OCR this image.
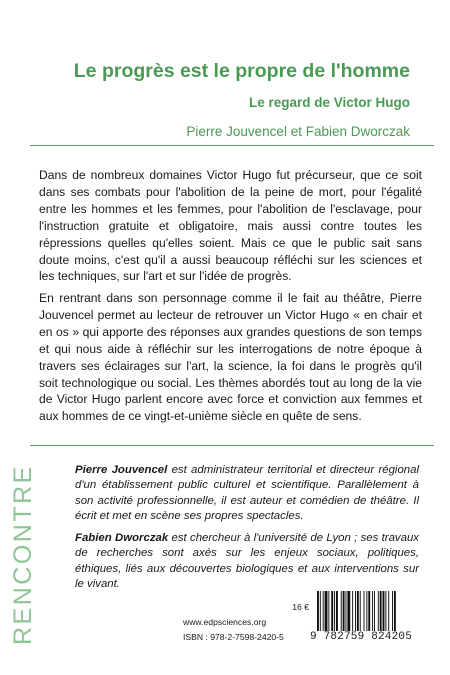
Le progrès est le propre de l'homme
Le regard de Victor Hugo
Pierre Jouvencel et Fabien Dworczak

Dans de nombreux domaines Victor Hugo fut précurseur, que ce soit dans ses combats pour l'abolition de la peine de mort, pour l'égalité entre les hommes et les femmes, pour l'abolition de l'esclavage, pour l'instruction gratuite et obligatoire, mais aussi contre toutes les répressions quelles qu'elles soient. Mais ce que le public sait sans doute moins, c'est qu'il a aussi beaucoup réfléchi sur les sciences et les techniques, sur l'art et sur l'idée de progrès.

En rentrant dans son personnage comme il le fait au théâtre, Pierre Jouvencel permet au lecteur de retrouver un Victor Hugo « en chair et en os » qui apporte des réponses aux grandes questions de son temps et qui nous aide à réfléchir sur les interrogations de notre époque à travers ses éclairages sur l'art, la science, la foi dans le progrès qu'il soit technologique ou social. Les thèmes abordés tout au long de la vie de Victor Hugo parlent encore avec force et conviction aux femmes et aux hommes de ce vingt-et-unième siècle en quête de sens.

RENCONTRE	Pierre Jouvencel est administrateur territorial et directeur régional d'un établissement public culturel et scientifique. Parallèlement à son activité professionnelle, il est auteur et comédien de théâtre. Il écrit et met en scène ses propres spectacles.

Fabien Dworczak est chercheur à l'université de Lyon ; ses travaux de recherches sont axés sur les enjeux sociaux, politiques, éthiques, liés aux découvertes biologiques et aux interventions sur le vivant.

16 €
www.edpsciences.org
ISBN : 978-2-7598-2420-5	9 782759 824205
